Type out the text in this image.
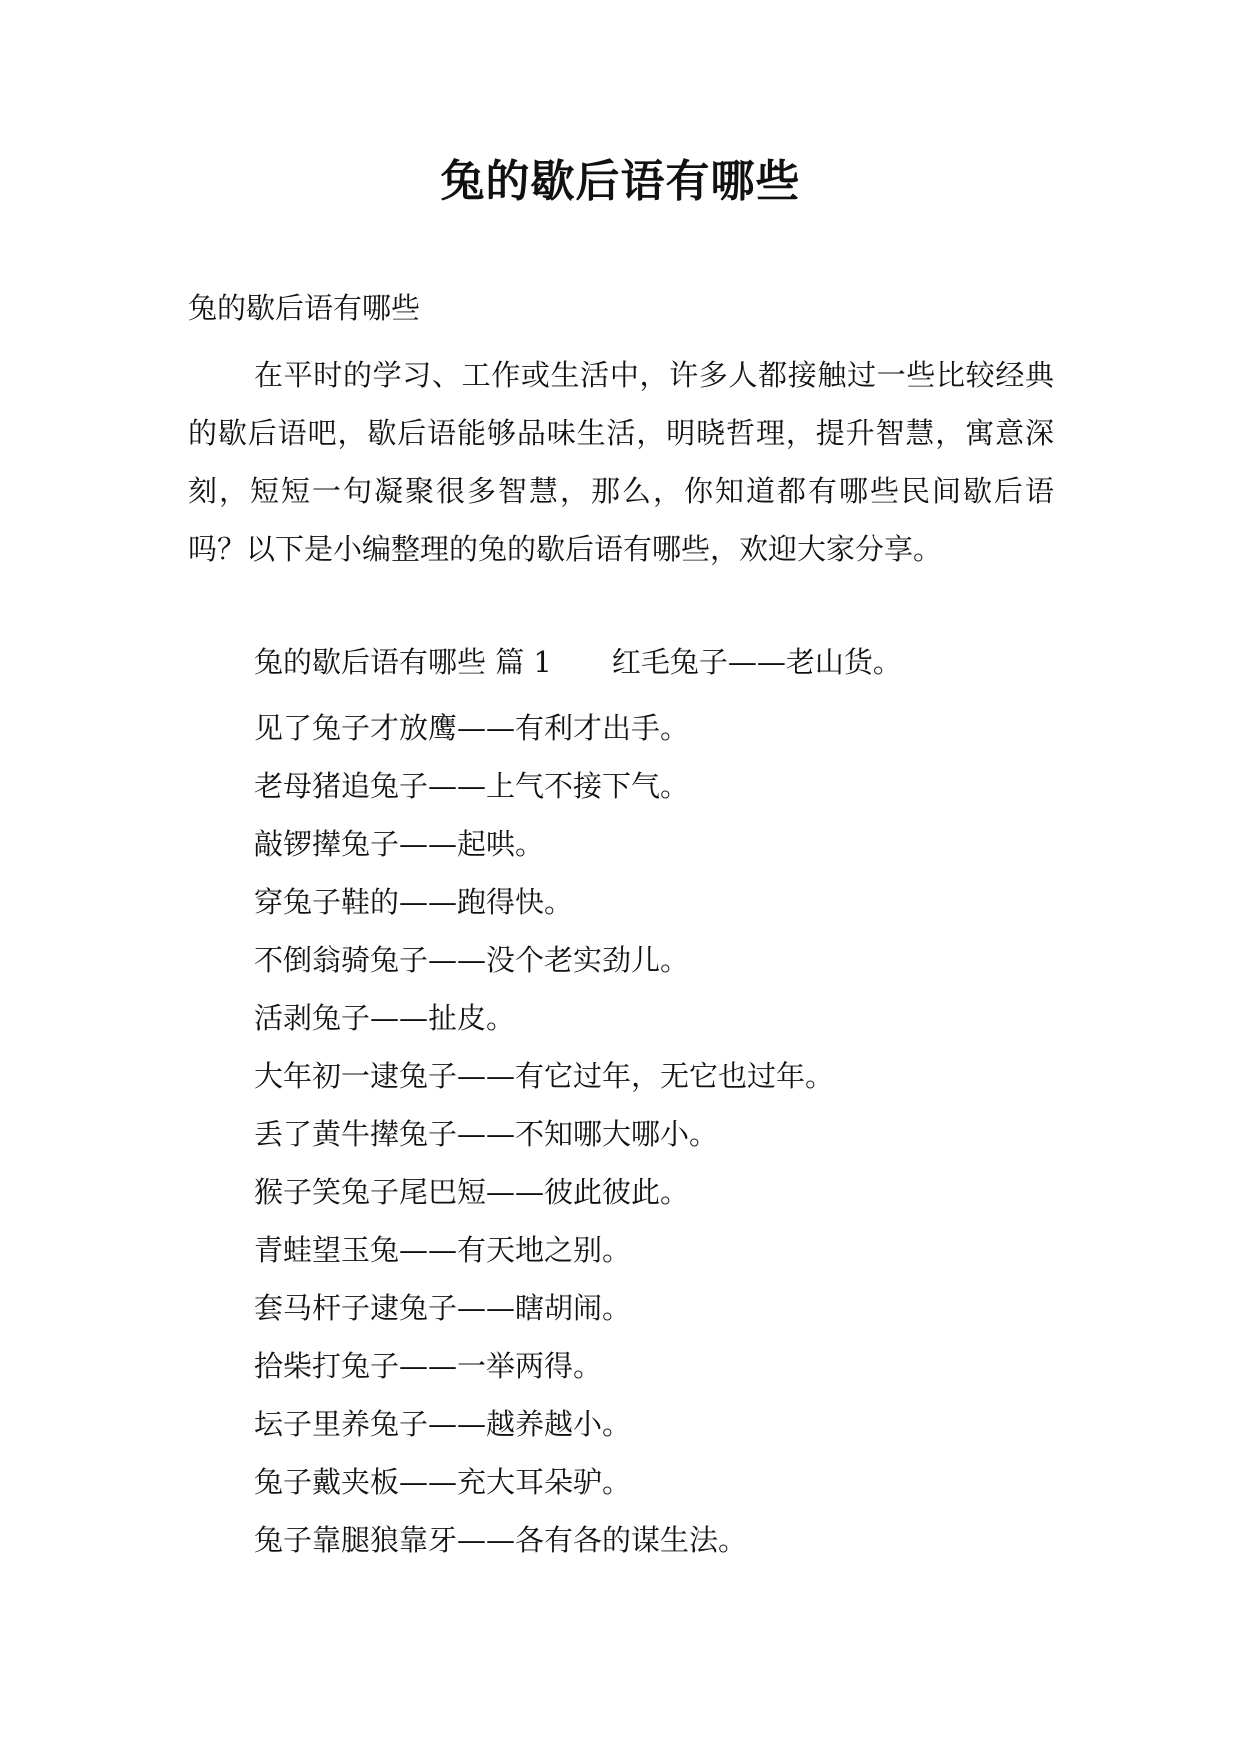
兔的歇后语有哪些
兔的歇后语有哪些

在平时的学习、工作或生活中，许多人都接触过一些比较经典的歇后语吧，歇后语能够品味生活，明晓哲理，提升智慧，寓意深刻，短短一句凝聚很多智慧，那么，你知道都有哪些民间歇后语吗？以下是小编整理的兔的歇后语有哪些，欢迎大家分享。

兔的歇后语有哪些 篇 1 红毛兔子——老山货。
见了兔子才放鹰——有利才出手。
老母猪追兔子——上气不接下气。
敲锣撵兔子——起哄。
穿兔子鞋的——跑得快。
不倒翁骑兔子——没个老实劲儿。
活剥兔子——扯皮。
大年初一逮兔子——有它过年，无它也过年。
丢了黄牛撵兔子——不知哪大哪小。
猴子笑兔子尾巴短——彼此彼此。
青蛙望玉兔——有天地之别。
套马杆子逮兔子——瞎胡闹。
拾柴打兔子——一举两得。
坛子里养兔子——越养越小。
兔子戴夹板——充大耳朵驴。
兔子靠腿狼靠牙——各有各的谋生法。
